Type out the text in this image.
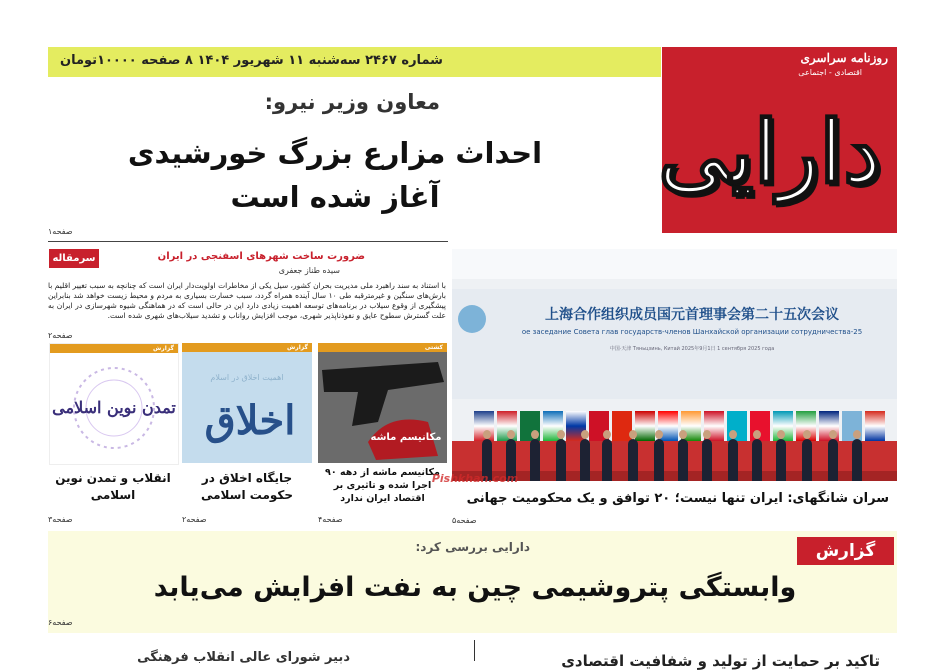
شماره ۲۴۶۷ سه‌شنبه ۱۱ شهریور ۱۴۰۴ ۸ صفحه ۱۰۰۰۰تومان	روزنامه سراسری
اقتصادی - اجتماعی
دارایی
معاون وزیر نیرو:
احداث مزارع بزرگ خورشیدی
آغاز شده است
صفحه۱
سرمقاله	ضرورت ساخت شهرهای اسفنجی در ایران
سیده طناز جعفری
با استناد به سند راهبرد ملی مدیریت بحران کشور، سیل یکی از مخاطرات اولویت‌دار ایران است که چنانچه به سبب تغییر اقلیم با بارش‌های سنگین و غیرمترقبه طی ۱۰ سال آینده همراه گردد، سبب خسارت بسیاری به مردم و محیط زیست خواهد شد بنابراین پیشگیری از وقوع سیلاب در برنامه‌های توسعه اهمیت زیادی دارد این در حالی است که در هماهنگی شیوه شهرسازی در ایران به علت گسترش سطوح عایق و نفوذناپذیر شهری، موجب افزایش رواناب و تشدید سیلاب‌های شهری شده است.
صفحه۲
گزارش
تمدن نوین اسلامی
انقلاب و تمدن نوین اسلامی
صفحه۳
گزارش
اهمیت اخلاق در اسلام
اخلاق
جایگاه اخلاق در حکومت اسلامی
صفحه۲
کشتی
مکانیسم ماشه
مکانیسم ماشه از دهه ۹۰ اجرا شده و تاثیری بر اقتصاد ایران ندارد
صفحه۴
上海合作组织成员国元首理事会第二十五次会议
25-ое заседание Совета глав государств-членов Шанхайской организации сотрудничества
中国·天津 Тяньцзинь, Китай 2025年9月1日 1 сентября 2025 года
سران شانگهای: ایران تنها نیست؛ ۲۰ توافق و یک محکومیت جهانی
صفحه۵
Pishkhan.com
گزارش
دارایی بررسی کرد:
وابستگی پتروشیمی چین به نفت افزایش می‌یابد
صفحه۶
دبیر شورای عالی انقلاب فرهنگی	تاکید بر حمایت از تولید و شفافیت اقتصادی
